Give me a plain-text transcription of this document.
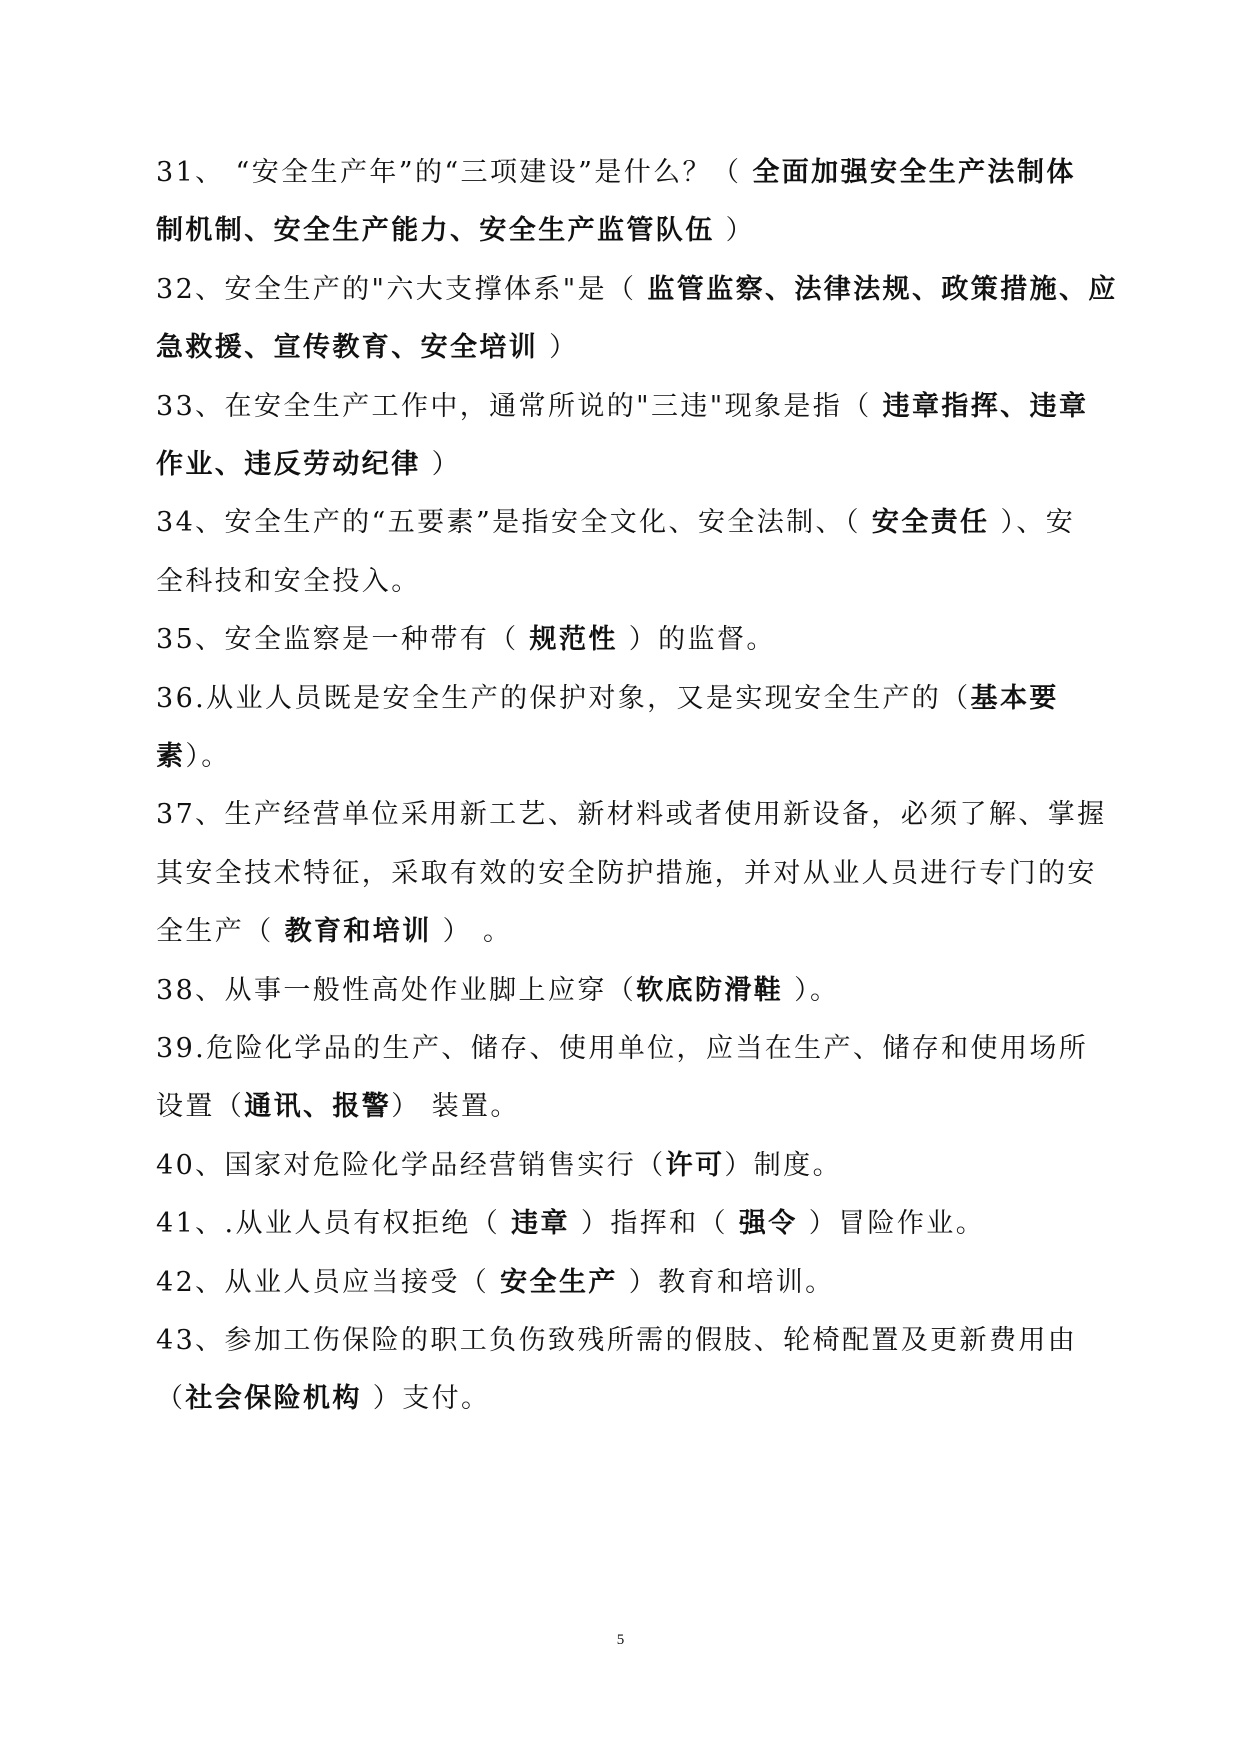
31、 “安全生产年”的“三项建设”是什么？（ 全面加强安全生产法制体
制机制、安全生产能力、安全生产监管队伍 ）
32、安全生产的"六大支撑体系"是（ 监管监察、法律法规、政策措施、应
急救援、宣传教育、安全培训 ）
33、在安全生产工作中，通常所说的"三违"现象是指（ 违章指挥、违章
作业、违反劳动纪律 ）
34、安全生产的“五要素”是指安全文化、安全法制、（ 安全责任 ）、安
全科技和安全投入。
35、安全监察是一种带有（ 规范性 ）的监督。
36.从业人员既是安全生产的保护对象，又是实现安全生产的（基本要
素）。
37、生产经营单位采用新工艺、新材料或者使用新设备，必须了解、掌握
其安全技术特征，采取有效的安全防护措施，并对从业人员进行专门的安
全生产（ 教育和培训 ） 。
38、从事一般性高处作业脚上应穿（软底防滑鞋 ）。
39.危险化学品的生产、储存、使用单位，应当在生产、储存和使用场所
设置（通讯、报警） 装置。
40、国家对危险化学品经营销售实行（许可）制度。
41、.从业人员有权拒绝（ 违章 ）指挥和（ 强令 ）冒险作业。
42、从业人员应当接受（ 安全生产 ）教育和培训。
43、参加工伤保险的职工负伤致残所需的假肢、轮椅配置及更新费用由
（社会保险机构 ）支付。
5
